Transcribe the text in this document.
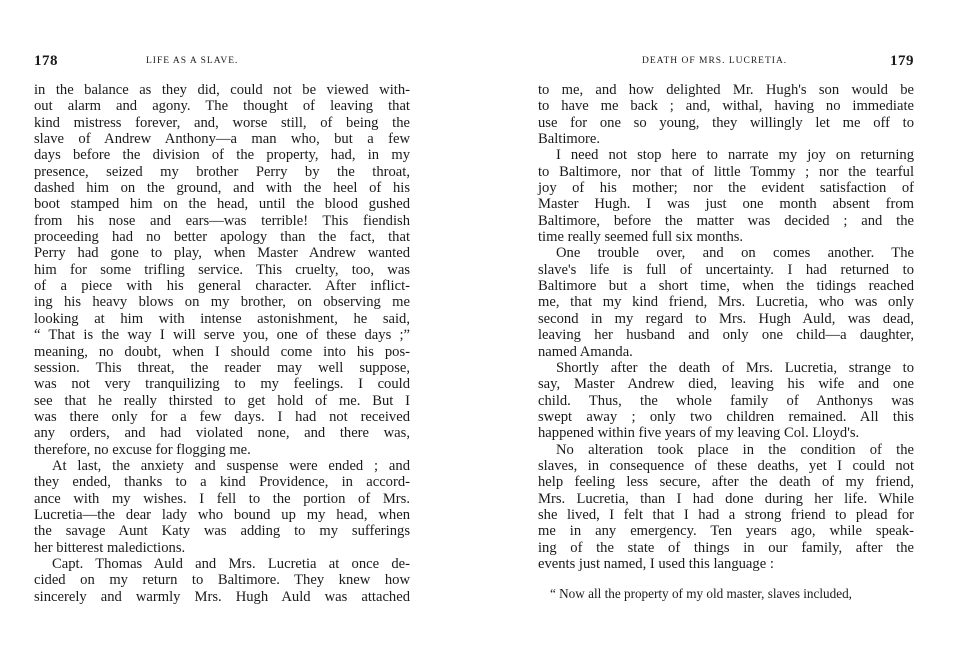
178	LIFE AS A SLAVE.
in the balance as they did, could not be viewed with-
out alarm and agony. The thought of leaving that
kind mistress forever, and, worse still, of being the
slave of Andrew Anthony—a man who, but a few
days before the division of the property, had, in my
presence, seized my brother Perry by the throat,
dashed him on the ground, and with the heel of his
boot stamped him on the head, until the blood gushed
from his nose and ears—was terrible! This fiendish
proceeding had no better apology than the fact, that
Perry had gone to play, when Master Andrew wanted
him for some trifling service. This cruelty, too, was
of a piece with his general character. After inflict-
ing his heavy blows on my brother, on observing me
looking at him with intense astonishment, he said,
“ That is the way I will serve you, one of these days ;”
meaning, no doubt, when I should come into his pos-
session. This threat, the reader may well suppose,
was not very tranquilizing to my feelings. I could
see that he really thirsted to get hold of me. But I
was there only for a few days. I had not received
any orders, and had violated none, and there was,
therefore, no excuse for flogging me.
At last, the anxiety and suspense were ended ; and
they ended, thanks to a kind Providence, in accord-
ance with my wishes. I fell to the portion of Mrs.
Lucretia—the dear lady who bound up my head, when
the savage Aunt Katy was adding to my sufferings
her bitterest maledictions.
Capt. Thomas Auld and Mrs. Lucretia at once de-
cided on my return to Baltimore. They knew how
sincerely and warmly Mrs. Hugh Auld was attached
DEATH OF MRS. LUCRETIA.	179
to me, and how delighted Mr. Hugh's son would be
to have me back ; and, withal, having no immediate
use for one so young, they willingly let me off to
Baltimore.
I need not stop here to narrate my joy on returning
to Baltimore, nor that of little Tommy ; nor the tearful
joy of his mother; nor the evident satisfaction of
Master Hugh. I was just one month absent from
Baltimore, before the matter was decided ; and the
time really seemed full six months.
One trouble over, and on comes another. The
slave's life is full of uncertainty. I had returned to
Baltimore but a short time, when the tidings reached
me, that my kind friend, Mrs. Lucretia, who was only
second in my regard to Mrs. Hugh Auld, was dead,
leaving her husband and only one child—a daughter,
named Amanda.
Shortly after the death of Mrs. Lucretia, strange to
say, Master Andrew died, leaving his wife and one
child. Thus, the whole family of Anthonys was
swept away ; only two children remained. All this
happened within five years of my leaving Col. Lloyd's.
No alteration took place in the condition of the
slaves, in consequence of these deaths, yet I could not
help feeling less secure, after the death of my friend,
Mrs. Lucretia, than I had done during her life. While
she lived, I felt that I had a strong friend to plead for
me in any emergency. Ten years ago, while speak-
ing of the state of things in our family, after the
events just named, I used this language :
“ Now all the property of my old master, slaves included,
